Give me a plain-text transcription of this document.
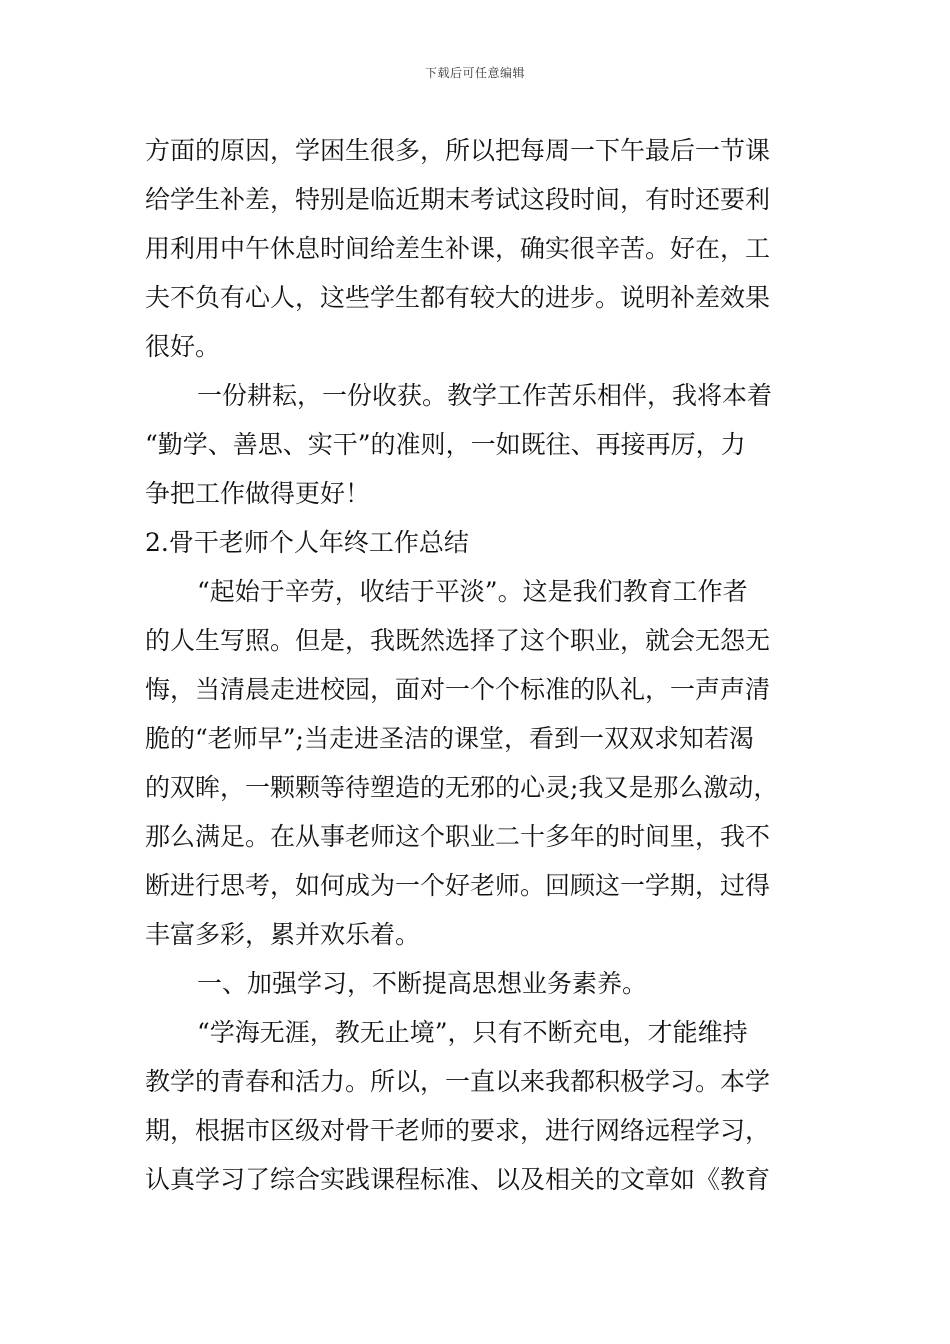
下载后可任意编辑
方面的原因，学困生很多，所以把每周一下午最后一节课
给学生补差，特别是临近期末考试这段时间，有时还要利
用利用中午休息时间给差生补课，确实很辛苦。好在，工
夫不负有心人，这些学生都有较大的进步。说明补差效果
很好。
一份耕耘，一份收获。教学工作苦乐相伴，我将本着
“勤学、善思、实干”的准则，一如既往、再接再厉，力
争把工作做得更好！
2.骨干老师个人年终工作总结
“起始于辛劳，收结于平淡”。这是我们教育工作者
的人生写照。但是，我既然选择了这个职业，就会无怨无
悔，当清晨走进校园，面对一个个标准的队礼，一声声清
脆的“老师早”;当走进圣洁的课堂，看到一双双求知若渴
的双眸，一颗颗等待塑造的无邪的心灵;我又是那么激动，
那么满足。在从事老师这个职业二十多年的时间里，我不
断进行思考，如何成为一个好老师。回顾这一学期，过得
丰富多彩，累并欢乐着。
一、加强学习，不断提高思想业务素养。
“学海无涯，教无止境”，只有不断充电，才能维持
教学的青春和活力。所以，一直以来我都积极学习。本学
期，根据市区级对骨干老师的要求，进行网络远程学习，
认真学习了综合实践课程标准、以及相关的文章如《教育
